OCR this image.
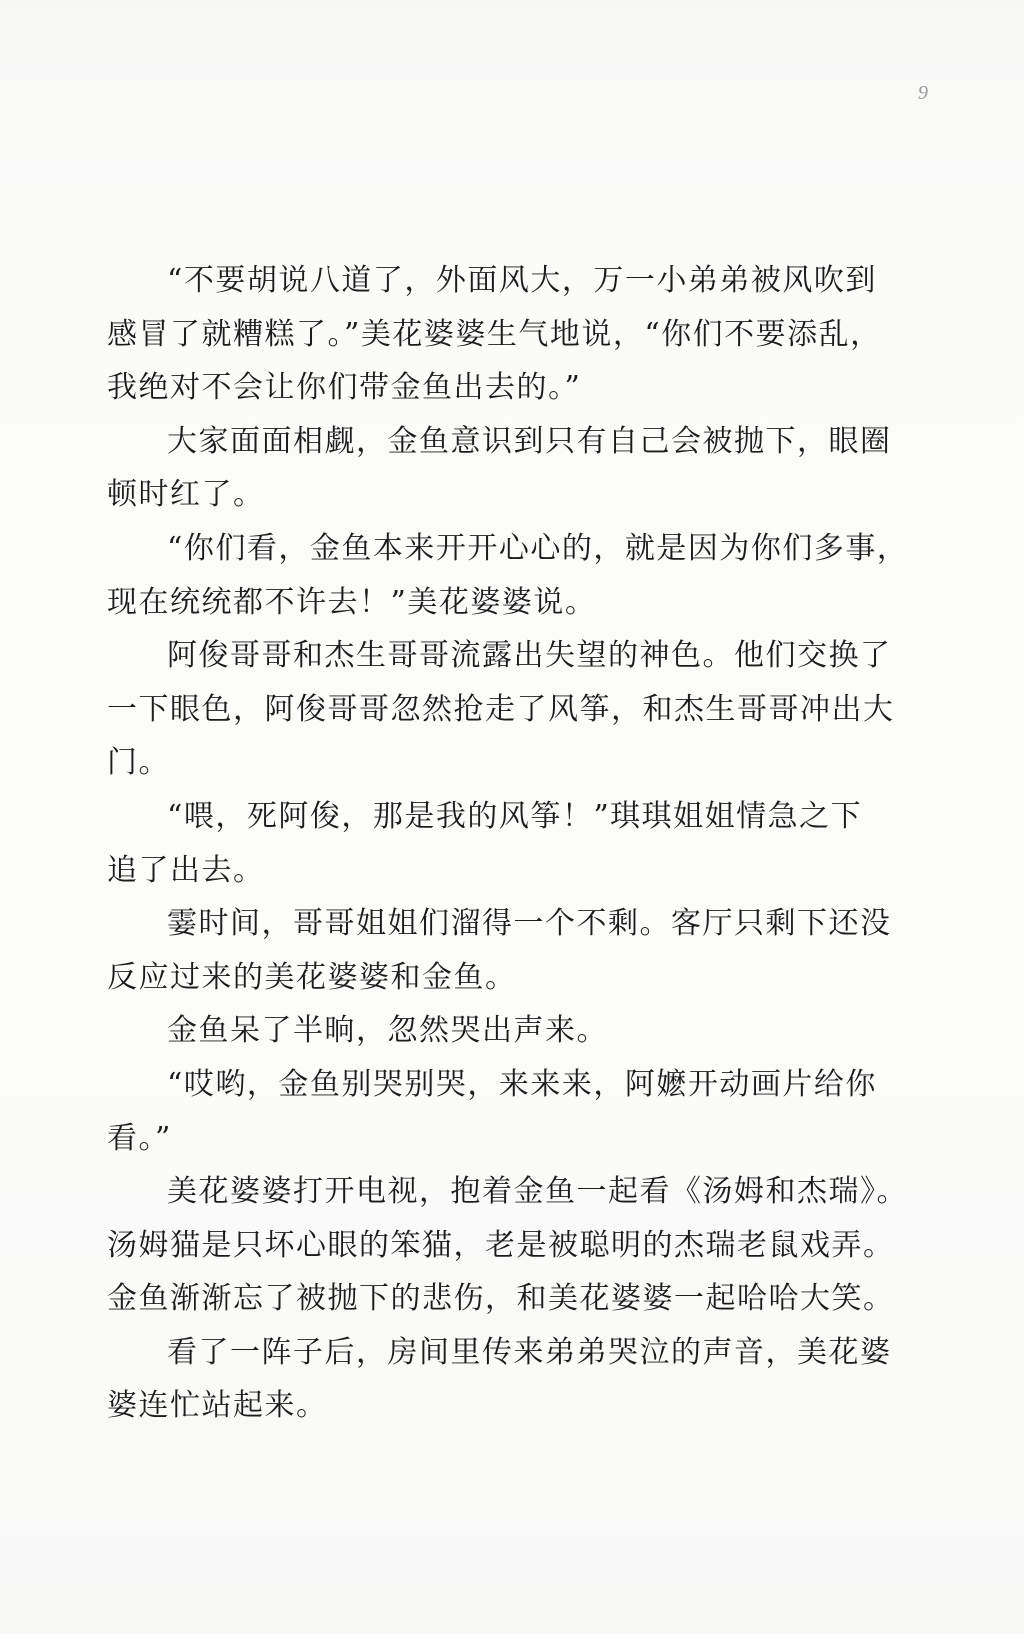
9
“不要胡说八道了，外面风大，万一小弟弟被风吹到
感冒了就糟糕了。”美花婆婆生气地说，“你们不要添乱，
我绝对不会让你们带金鱼出去的。”
大家面面相觑，金鱼意识到只有自己会被抛下，眼圈
顿时红了。
“你们看，金鱼本来开开心心的，就是因为你们多事，
现在统统都不许去！”美花婆婆说。
阿俊哥哥和杰生哥哥流露出失望的神色。他们交换了
一下眼色，阿俊哥哥忽然抢走了风筝，和杰生哥哥冲出大
门。
“喂，死阿俊，那是我的风筝！”琪琪姐姐情急之下
追了出去。
霎时间，哥哥姐姐们溜得一个不剩。客厅只剩下还没
反应过来的美花婆婆和金鱼。
金鱼呆了半晌，忽然哭出声来。
“哎哟，金鱼别哭别哭，来来来，阿嬷开动画片给你
看。”
美花婆婆打开电视，抱着金鱼一起看《汤姆和杰瑞》。
汤姆猫是只坏心眼的笨猫，老是被聪明的杰瑞老鼠戏弄。
金鱼渐渐忘了被抛下的悲伤，和美花婆婆一起哈哈大笑。
看了一阵子后，房间里传来弟弟哭泣的声音，美花婆
婆连忙站起来。
